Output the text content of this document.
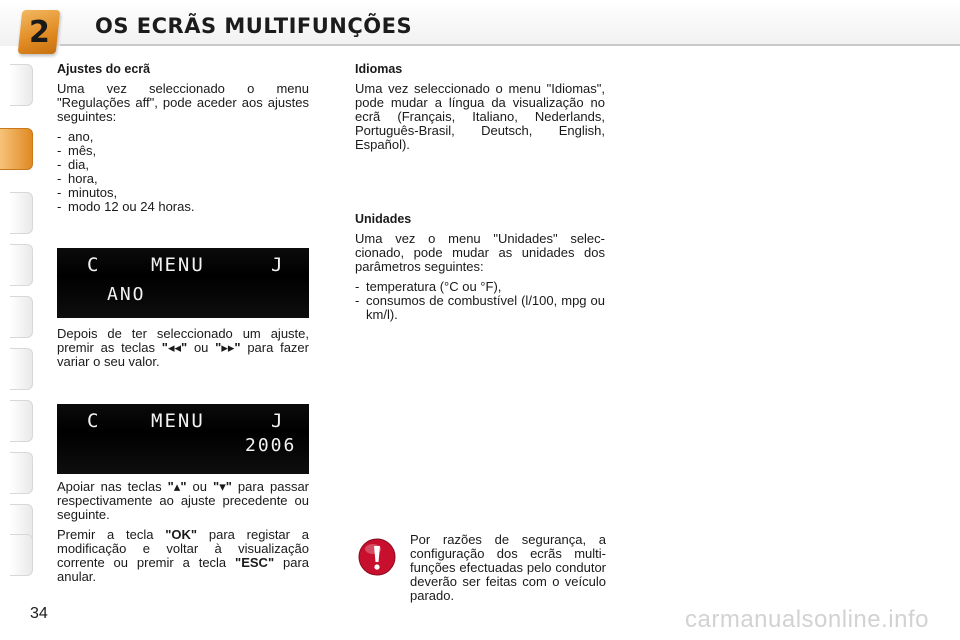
2 OS ECRÃS MULTIFUNÇÕES

Ajustes do ecrã

Uma vez seleccionado o menu "Regulações aff", pode aceder aos ajustes seguintes:

- ano,
- mês,
- dia,
- hora,
- minutos,
- modo 12 ou 24 horas.
C	MENU	J
ANO

Depois de ter seleccionado um ajuste, premir as teclas "◂◂" ou "▸▸" para fazer variar o seu valor.

C	MENU	J
2006

Apoiar nas teclas "▴" ou "▾" para passar respectivamente ao ajuste precedente ou seguinte.

Premir a tecla "OK" para registar a modificação e voltar à visualização corrente ou premir a tecla "ESC" para anular.

Idiomas

Uma vez seleccionado o menu "Idiomas", pode mudar a língua da visualização no ecrã (Français, Italiano, Nederlands, Português-Brasil, Deutsch, English, Español).

Unidades

Uma vez o menu "Unidades" selec-cionado, pode mudar as unidades dos parâmetros seguintes:

- temperatura (°C ou °F),
- consumos de combustível (l/100, mpg ou km/l).
Por razões de segurança, a configuração dos ecrãs multi-funções efectuadas pelo condutor deverão ser feitas com o veículo parado.
34	carmanualsonline.info
